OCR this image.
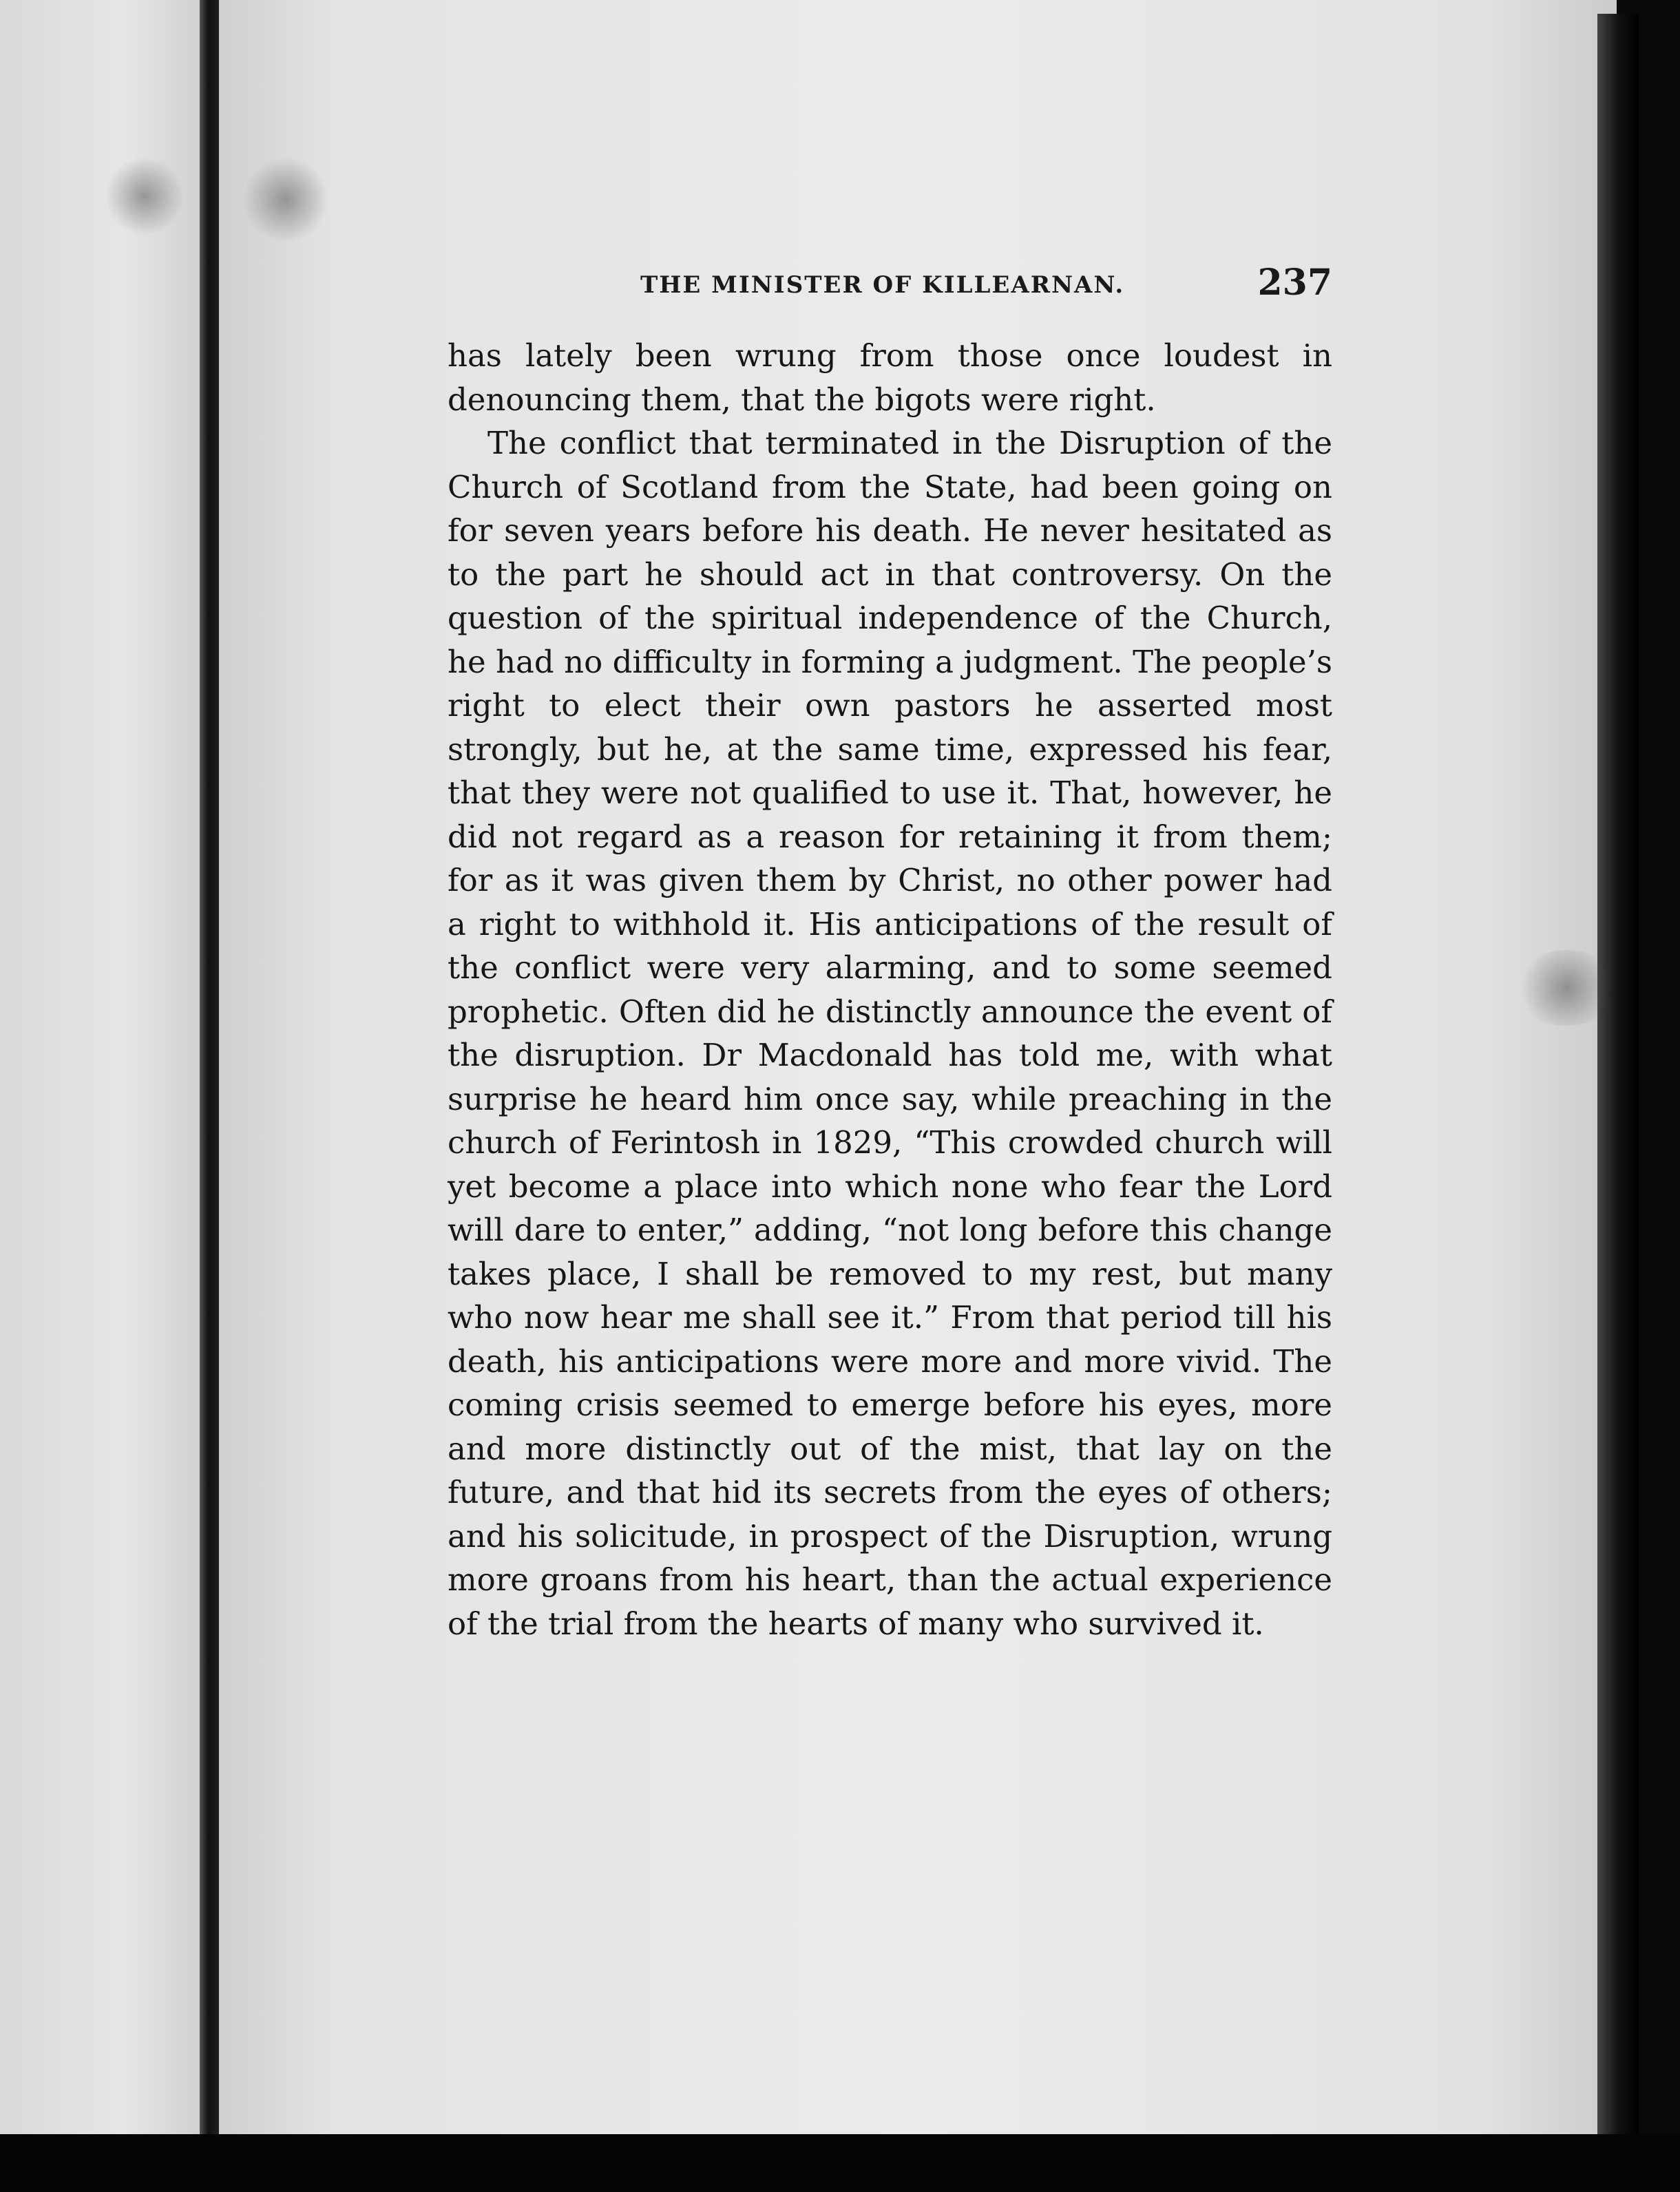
THE MINISTER OF KILLEARNAN.	237

has lately been wrung from those once loudest in denouncing them, that the bigots were right.

The conflict that terminated in the Disruption of the Church of Scotland from the State, had been going on for seven years before his death. He never hesitated as to the part he should act in that controversy. On the question of the spiritual independence of the Church, he had no difficulty in forming a judgment. The people’s right to elect their own pastors he asserted most strongly, but he, at the same time, expressed his fear, that they were not qualified to use it. That, however, he did not regard as a reason for retaining it from them; for as it was given them by Christ, no other power had a right to withhold it. His anticipations of the result of the conflict were very alarming, and to some seemed prophetic. Often did he distinctly announce the event of the disruption. Dr Macdonald has told me, with what surprise he heard him once say, while preaching in the church of Ferintosh in 1829, “This crowded church will yet become a place into which none who fear the Lord will dare to enter,” adding, “not long before this change takes place, I shall be removed to my rest, but many who now hear me shall see it.” From that period till his death, his anticipations were more and more vivid. The coming crisis seemed to emerge before his eyes, more and more distinctly out of the mist, that lay on the future, and that hid its secrets from the eyes of others; and his solicitude, in prospect of the Disruption, wrung more groans from his heart, than the actual experience of the trial from the hearts of many who survived it.
